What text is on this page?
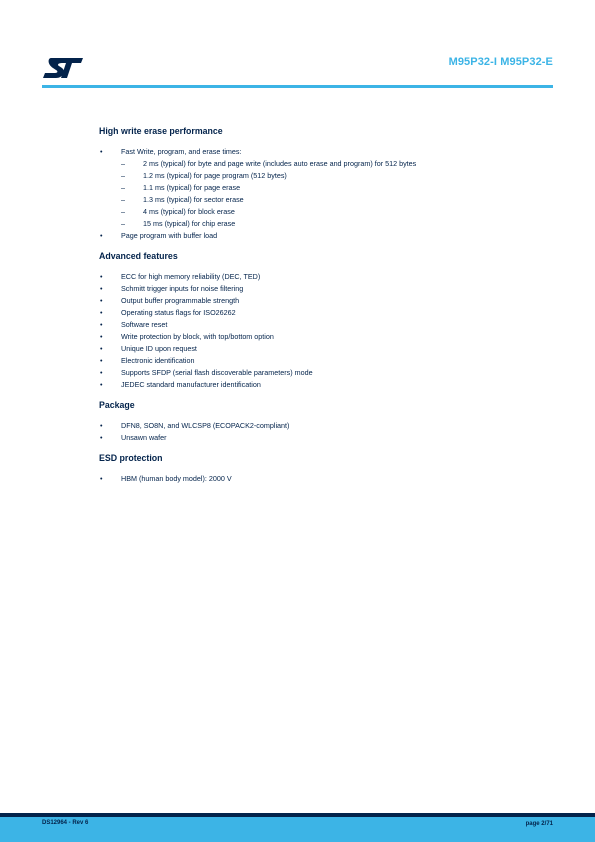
M95P32-I M95P32-E
High write erase performance
•	Fast Write, program, and erase times:
–	2 ms (typical) for byte and page write (includes auto erase and program) for 512 bytes
–	1.2 ms (typical) for page program (512 bytes)
–	1.1 ms (typical) for page erase
–	1.3 ms (typical) for sector erase
–	4 ms (typical) for block erase
–	15 ms (typical) for chip erase
•	Page program with buffer load
Advanced features
•	ECC for high memory reliability (DEC, TED)
•	Schmitt trigger inputs for noise filtering
•	Output buffer programmable strength
•	Operating status flags for ISO26262
•	Software reset
•	Write protection by block, with top/bottom option
•	Unique ID upon request
•	Electronic identification
•	Supports SFDP (serial flash discoverable parameters) mode
•	JEDEC standard manufacturer identification
Package
•	DFN8, SO8N, and WLCSP8 (ECOPACK2-compliant)
•	Unsawn wafer
ESD protection
•	HBM (human body model): 2000 V
DS12964 - Rev 6	page 2/71
